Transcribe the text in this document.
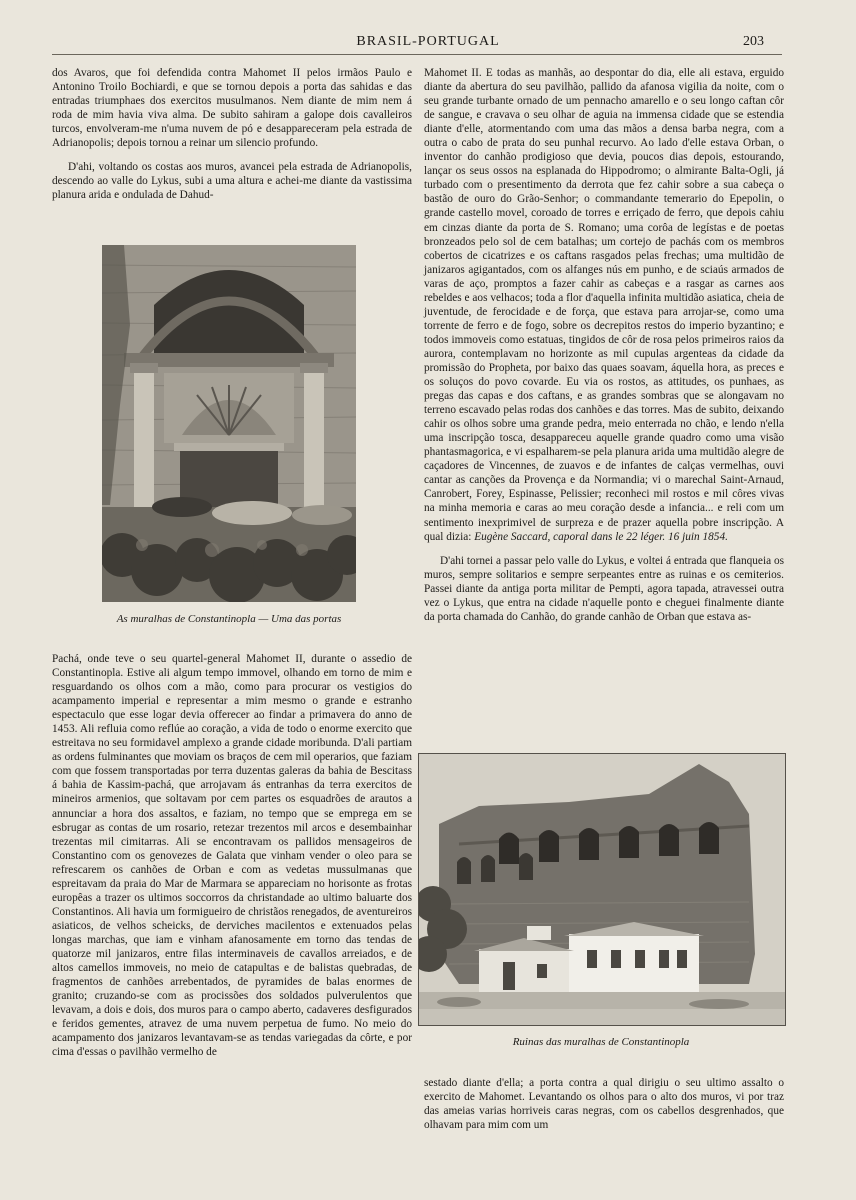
BRASIL-PORTUGAL	203

dos Avaros, que foi defendida contra Mahomet II pelos irmãos Paulo e Antonino Troilo Bochiardi, e que se tornou depois a porta das sahidas e das entradas triumphaes dos exercitos musulmanos. Nem diante de mim nem á roda de mim havia viva alma. De subito sahiram a galope dois cavalleiros turcos, envolveram-me n'uma nuvem de pó e desappareceram pela estrada de Adrianopolis; depois tornou a reinar um silencio profundo.

D'ahi, voltando os costas aos muros, avancei pela estrada de Adrianopolis, descendo ao valle do Lykus, subi a uma altura e achei-me diante da vastissima planura arida e ondulada de Dahud-

As muralhas de Constantinopla — Uma das portas

Pachá, onde teve o seu quartel-general Mahomet II, durante o assedio de Constantinopla. Estive ali algum tempo immovel, olhando em torno de mim e resguardando os olhos com a mão, como para procurar os vestigios do acampamento imperial e representar a mim mesmo o grande e estranho espectaculo que esse logar devia offerecer ao findar a primavera do anno de 1453. Ali refluia como reflúe ao coração, a vida de todo o enorme exercito que estreitava no seu formidavel amplexo a grande cidade moribunda. D'ali partiam as ordens fulminantes que moviam os braços de cem mil operarios, que faziam com que fossem transportadas por terra duzentas galeras da bahia de Bescitass á bahia de Kassim-pachá, que arrojavam ás entranhas da terra exercitos de mineiros armenios, que soltavam por cem partes os esquadrões de arautos a annunciar a hora dos assaltos, e faziam, no tempo que se emprega em se esbrugar as contas de um rosario, retezar trezentos mil arcos e desembainhar trezentas mil cimitarras. Ali se encontravam os pallidos mensageiros de Constantino com os genovezes de Galata que vinham vender o oleo para se refrescarem os canhões de Orban e com as vedetas mussulmanas que espreitavam da praia do Mar de Marmara se appareciam no horisonte as frotas europêas a trazer os ultimos soccorros da christandade ao ultimo baluarte dos Constantinos. Ali havia um formigueiro de christãos renegados, de aventureiros asiaticos, de velhos scheicks, de derviches macilentos e extenuados pelas longas marchas, que iam e vinham afanosamente em torno das tendas de quatorze mil janizaros, entre filas interminaveis de cavallos arreiados, e de altos camellos immoveis, no meio de catapultas e de balistas quebradas, de fragmentos de canhões arrebentados, de pyramides de balas enormes de granito; cruzando-se com as procissões dos soldados pulverulentos que levavam, a dois e dois, dos muros para o campo aberto, cadaveres desfigurados e feridos gementes, atravez de uma nuvem perpetua de fumo. No meio do acampamento dos janizaros levantavam-se as tendas variegadas da côrte, e por cima d'essas o pavilhão vermelho de

Mahomet II. E todas as manhãs, ao despontar do dia, elle ali estava, erguido diante da abertura do seu pavilhão, pallido da afanosa vigilia da noite, com o seu grande turbante ornado de um pennacho amarello e o seu longo caftan côr de sangue, e cravava o seu olhar de aguia na immensa cidade que se estendia diante d'elle, atormentando com uma das mãos a densa barba negra, com a outra o cabo de prata do seu punhal recurvo. Ao lado d'elle estava Orban, o inventor do canhão prodigioso que devia, poucos dias depois, estourando, lançar os seus ossos na esplanada do Hippodromo; o almirante Balta-Ogli, já turbado com o presentimento da derrota que fez cahir sobre a sua cabeça o bastão de ouro do Grão-Senhor; o commandante temerario do Epepolin, o grande castello movel, coroado de torres e erriçado de ferro, que depois cahiu em cinzas diante da porta de S. Romano; uma corôa de legístas e de poetas bronzeados pelo sol de cem batalhas; um cortejo de pachás com os membros cobertos de cicatrizes e os caftans rasgados pelas frechas; uma multidão de janizaros agigantados, com os alfanges nús em punho, e de sciaús armados de varas de aço, promptos a fazer cahir as cabeças e a rasgar as carnes aos rebeldes e aos velhacos; toda a flor d'aquella infinita multidão asiatica, cheia de juventude, de ferocidade e de força, que estava para arrojar-se, como uma torrente de ferro e de fogo, sobre os decrepitos restos do imperio byzantino; e todos immoveis como estatuas, tingidos de côr de rosa pelos primeiros raios da aurora, contemplavam no horizonte as mil cupulas argenteas da cidade da promissão do Propheta, por baixo das quaes soavam, áquella hora, as preces e os soluços do povo covarde. Eu via os rostos, as attitudes, os punhaes, as pregas das capas e dos caftans, e as grandes sombras que se alongavam no terreno escavado pelas rodas dos canhões e das torres. Mas de subito, deixando cahir os olhos sobre uma grande pedra, meio enterrada no chão, e lendo n'ella uma inscripção tosca, desappareceu aquelle grande quadro como uma visão phantasmagorica, e vi espalharem-se pela planura arida uma multidão alegre de caçadores de Vincennes, de zuavos e de infantes de calças vermelhas, ouvi cantar as canções da Provença e da Normandia; vi o marechal Saint-Arnaud, Canrobert, Forey, Espinasse, Pelissier; reconheci mil rostos e mil côres vivas na minha memoria e caras ao meu coração desde a infancia... e reli com um sentimento inexprimivel de surpreza e de prazer aquella pobre inscripção. A qual dizia: Eugène Saccard, caporal dans le 22 léger. 16 juin 1854.

D'ahi tornei a passar pelo valle do Lykus, e voltei á entrada que flanqueia os muros, sempre solitarios e sempre serpeantes entre as ruinas e os cemiterios. Passei diante da antiga porta militar de Pempti, agora tapada, atravessei outra vez o Lykus, que entra na cidade n'aquelle ponto e cheguei finalmente diante da porta chamada do Canhão, do grande canhão de Orban que estava as-

Ruinas das muralhas de Constantinopla

sestado diante d'ella; a porta contra a qual dirigiu o seu ultimo assalto o exercito de Mahomet. Levantando os olhos para o alto dos muros, vi por traz das ameias varias horriveis caras negras, com os cabellos desgrenhados, que olhavam para mim com um
